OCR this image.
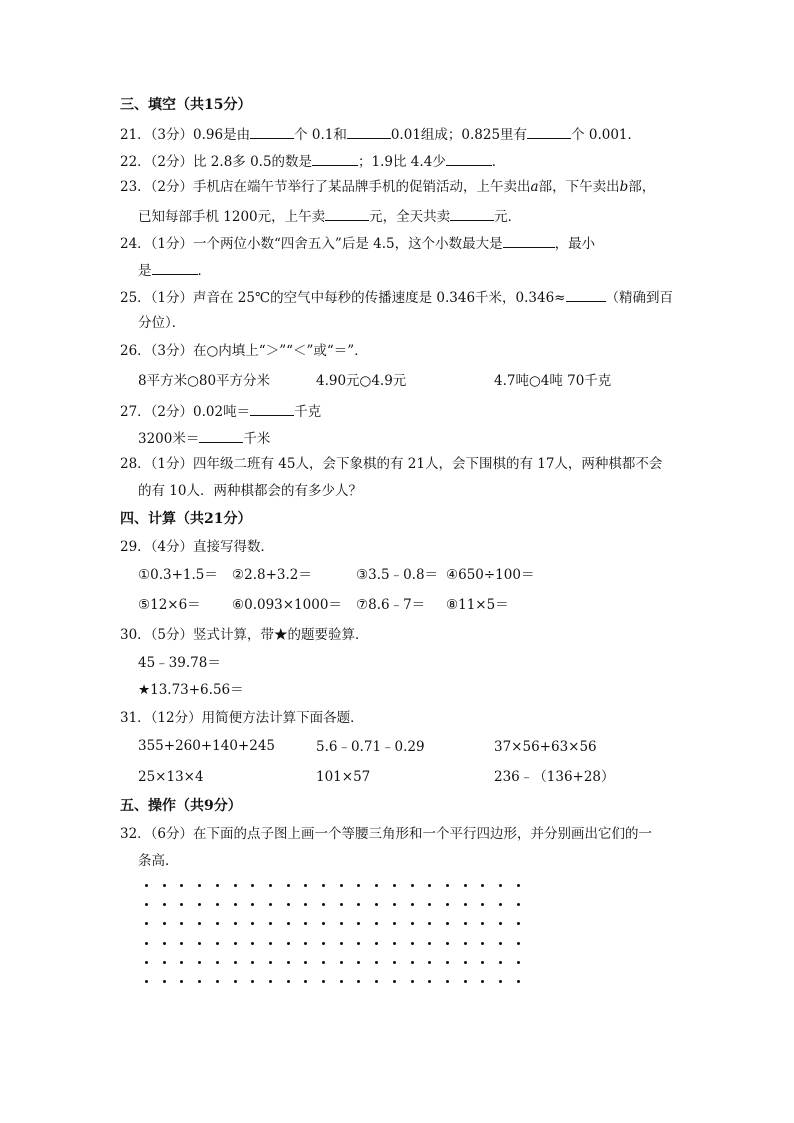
三、填空（共15分）
21．（3分）0.96是由	个 0.1和	0.01组成；0.825里有	个 0.001．
22．（2分）比 2.8多 0.5的数是	；1.9比 4.4少	．
23．（2分）手机店在端午节举行了某品牌手机的促销活动，上午卖出a部，下午卖出b部，
已知每部手机 1200元，上午卖	元，全天共卖	元．
24．（1分）一个两位小数“四舍五入”后是 4.5，这个小数最大是	，最小
是	．
25．（1分）声音在 25℃的空气中每秒的传播速度是 0.346千米，0.346≈	（精确到百
分位）．
26．（3分）在○内填上“＞”“＜”或“＝”．
8平方米○80平方分米	4.90元○4.9元	4.7吨○4吨 70千克
27．（2分）0.02吨＝	千克
3200米＝	千米
28．（1分）四年级二班有 45人，会下象棋的有 21人，会下围棋的有 17人，两种棋都不会
的有 10人．两种棋都会的有多少人？
四、计算（共21分）
29．（4分）直接写得数．
①0.3+1.5＝ ②2.8+3.2＝	③3.5﹣0.8＝ ④650÷100＝
⑤12×6＝ ⑥0.093×1000＝ ⑦8.6﹣7＝ ⑧11×5＝
30．（5分）竖式计算，带★的题要验算．
45﹣39.78＝
★13.73+6.56＝
31．（12分）用简便方法计算下面各题．
355+260+140+245	5.6﹣0.71﹣0.29	37×56+63×56
25×13×4	101×57	236﹣（136+28）
五、操作（共9分）
32．（6分）在下面的点子图上画一个等腰三角形和一个平行四边形，并分别画出它们的一
条高．
